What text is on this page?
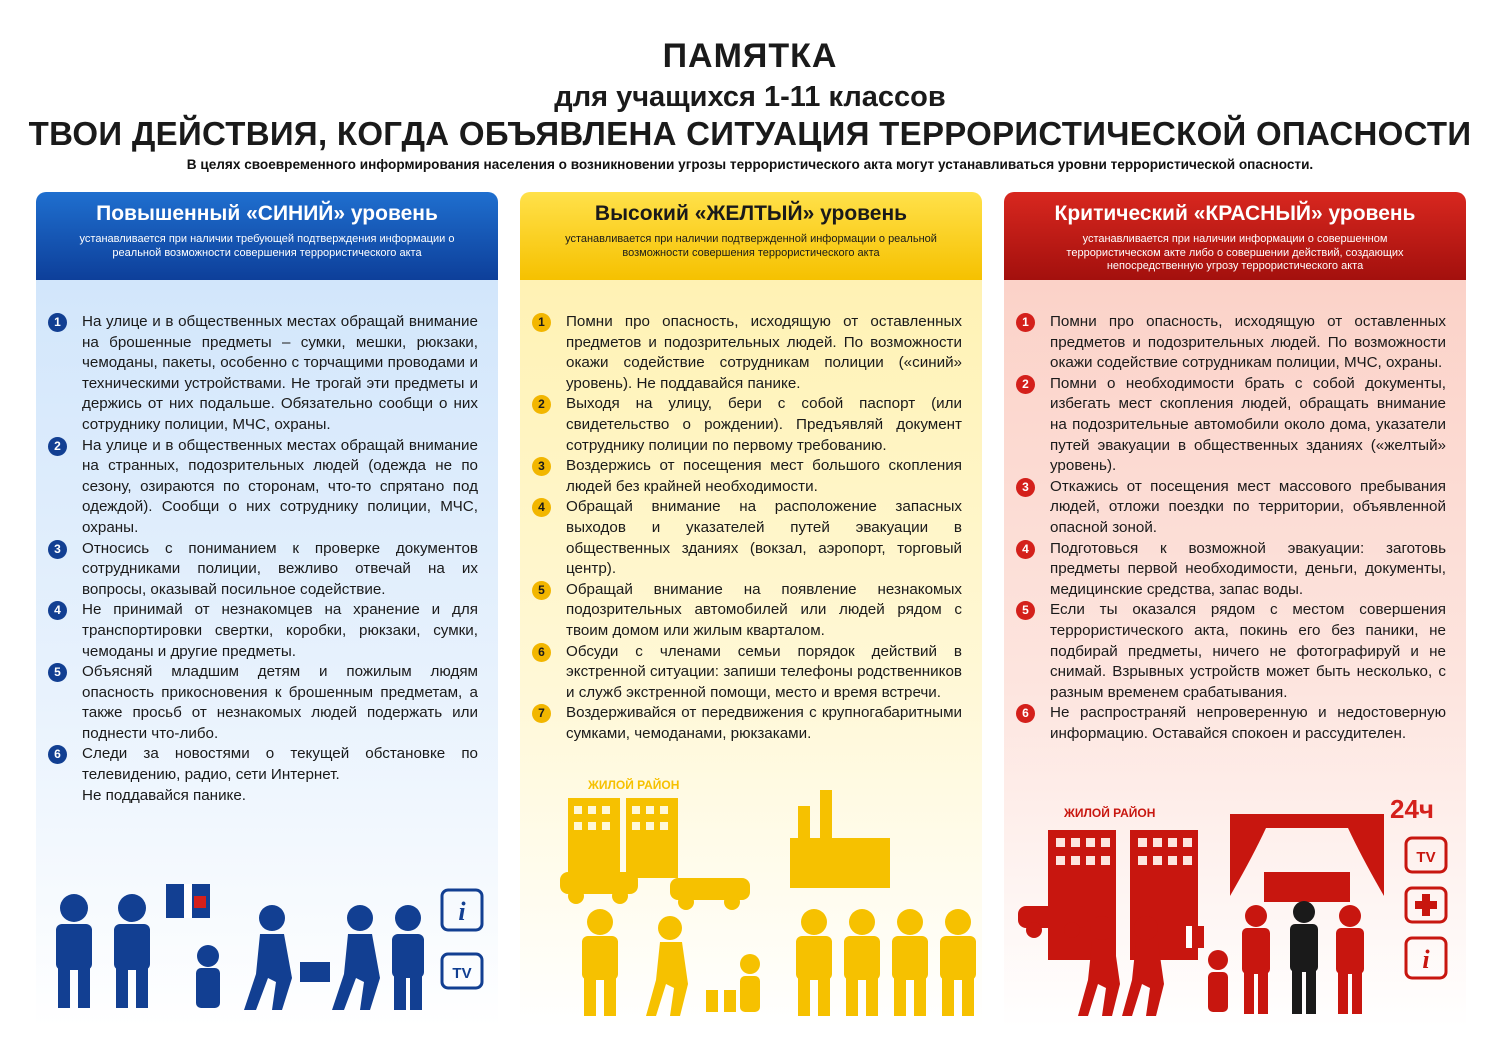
ПАМЯТКА
для учащихся 1-11 классов
ТВОИ ДЕЙСТВИЯ, КОГДА ОБЪЯВЛЕНА СИТУАЦИЯ ТЕРРОРИСТИЧЕСКОЙ ОПАСНОСТИ
В целях своевременного информирования населения о возникновении угрозы террористического акта могут устанавливаться уровни террористической опасности.
Повышенный «СИНИЙ» уровень
устанавливается при наличии требующей подтверждения информации о реальной возможности совершения террористического акта
1	На улице и в общественных местах обращай внимание на брошенные предметы – сумки, мешки, рюкзаки, чемоданы, пакеты, особенно с торчащими проводами и техническими устройствами. Не трогай эти предметы и держись от них подальше. Обязательно сообщи о них сотруднику полиции, МЧС, охраны.
2	На улице и в общественных местах обращай внимание на странных, подозрительных людей (одежда не по сезону, озираются по сторонам, что-то спрятано под одеждой). Сообщи о них сотруднику полиции, МЧС, охраны.
3	Относись с пониманием к проверке документов сотрудниками полиции, вежливо отвечай на их вопросы, оказывай посильное содействие.
4	Не принимай от незнакомцев на хранение и для транспортировки свертки, коробки, рюкзаки, сумки, чемоданы и другие предметы.
5	Объясняй младшим детям и пожилым людям опасность прикосновения к брошенным предметам, а также просьб от незнакомых людей подержать или поднести что-либо.
6	Следи за новостями о текущей обстановке по телевидению, радио, сети Интернет.
Не поддавайся панике.
i
TV
Высокий «ЖЕЛТЫЙ» уровень
устанавливается при наличии подтвержденной информации о реальной возможности совершения террористического акта
1	Помни про опасность, исходящую от оставленных предметов и подозрительных людей. По возможности окажи содействие сотрудникам полиции («синий» уровень). Не поддавайся панике.
2	Выходя на улицу, бери с собой паспорт (или свидетельство о рождении). Предъявляй документ сотруднику полиции по первому требованию.
3	Воздержись от посещения мест большого скопления людей без крайней необходимости.
4	Обращай внимание на расположение запасных выходов и указателей путей эвакуации в общественных зданиях (вокзал, аэропорт, торговый центр).
5	Обращай внимание на появление незнакомых подозрительных автомобилей или людей рядом с твоим домом или жилым кварталом.
6	Обсуди с членами семьи порядок действий в экстренной ситуации: запиши телефоны родственников и служб экстренной помощи, место и время встречи.
7	Воздерживайся от передвижения с крупногабаритными сумками, чемоданами, рюкзаками.
ЖИЛОЙ РАЙОН
Критический «КРАСНЫЙ» уровень
устанавливается при наличии информации о совершенном террористическом акте либо о совершении действий, создающих непосредственную угрозу террористического акта
1	Помни про опасность, исходящую от оставленных предметов и подозрительных людей. По возможности окажи содействие сотрудникам полиции, МЧС, охраны.
2	Помни о необходимости брать с собой документы, избегать мест скопления людей, обращать внимание на подозрительные автомобили около дома, указатели путей эвакуации в общественных зданиях («желтый» уровень).
3	Откажись от посещения мест массового пребывания людей, отложи поездки по территории, объявленной опасной зоной.
4	Подготовься к возможной эвакуации: заготовь предметы первой необходимости, деньги, документы, медицинские средства, запас воды.
5	Если ты оказался рядом с местом совершения террористического акта, покинь его без паники, не подбирай предметы, ничего не фотографируй и не снимай. Взрывных устройств может быть несколько, с разным временем срабатывания.
6	Не распространяй непроверенную и недостоверную информацию. Оставайся спокоен и рассудителен.
ЖИЛОЙ РАЙОН	24ч
TV
i
